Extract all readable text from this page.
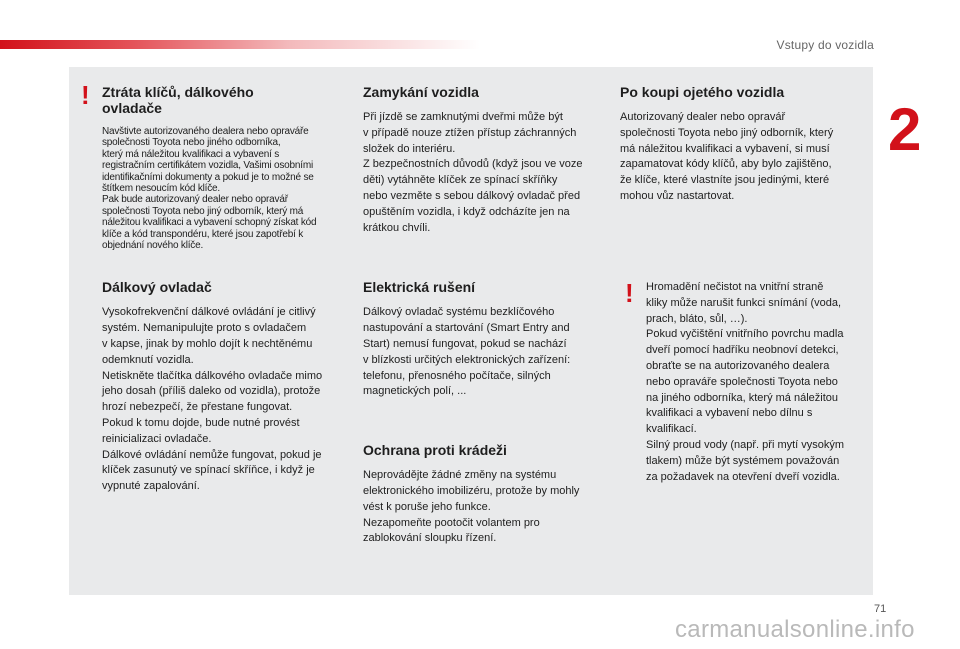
Vstupy do vozidla
2
Ztráta klíčů, dálkového
ovladače
Navštivte autorizovaného dealera nebo opraváře
společnosti Toyota nebo jiného odborníka,
který má náležitou kvalifikaci a vybavení s
registračním certifikátem vozidla, Vašimi osobními
identifikačními dokumenty a pokud je to možné se
štítkem nesoucím kód klíče.
Pak bude autorizovaný dealer nebo opravář
společnosti Toyota nebo jiný odborník, který má
náležitou kvalifikaci a vybavení schopný získat kód
klíče a kód transpondéru, které jsou zapotřebí k
objednání nového klíče.
Dálkový ovladač
Vysokofrekvenční dálkové ovládání je citlivý
systém. Nemanipulujte proto s ovladačem
v kapse, jinak by mohlo dojít k nechtěnému
odemknutí vozidla.
Netiskněte tlačítka dálkového ovladače mimo
jeho dosah (příliš daleko od vozidla), protože
hrozí nebezpečí, že přestane fungovat.
Pokud k tomu dojde, bude nutné provést
reinicializaci ovladače.
Dálkové ovládání nemůže fungovat, pokud je
klíček zasunutý ve spínací skříňce, i když je
vypnuté zapalování.
!	Zamykání vozidla
Při jízdě se zamknutými dveřmi může být
v případě nouze ztížen přístup záchranných
složek do interiéru.
Z bezpečnostních důvodů (když jsou ve voze
děti) vytáhněte klíček ze spínací skříňky
nebo vezměte s sebou dálkový ovladač před
opuštěním vozidla, i když odcházíte jen na
krátkou chvíli.
Elektrická rušení
Dálkový ovladač systému bezklíčového
nastupování a startování (Smart Entry and
Start) nemusí fungovat, pokud se nachází
v blízkosti určitých elektronických zařízení:
telefonu, přenosného počítače, silných
magnetických polí, ...
Ochrana proti krádeži
Neprovádějte žádné změny na systému
elektronického imobilizéru, protože by mohly
vést k poruše jeho funkce.
Nezapomeňte pootočit volantem pro
zablokování sloupku řízení.
Po koupi ojetého vozidla
Autorizovaný dealer nebo opravář
společnosti Toyota nebo jiný odborník, který
má náležitou kvalifikaci a vybavení, si musí
zapamatovat kódy klíčů, aby bylo zajištěno,
že klíče, které vlastníte jsou jedinými, které
mohou vůz nastartovat.
Hromadění nečistot na vnitřní straně
kliky může narušit funkci snímání (voda,
prach, bláto, sůl, …).
Pokud vyčištění vnitřního povrchu madla
dveří pomocí hadříku neobnoví detekci,
obraťte se na autorizovaného dealera
nebo opraváře společnosti Toyota nebo
na jiného odborníka, který má náležitou
kvalifikaci a vybavení nebo dílnu s
kvalifikací.
Silný proud vody (např. při mytí vysokým
tlakem) může být systémem považován
za požadavek na otevření dveří vozidla.
!
71
carmanualsonline.info
